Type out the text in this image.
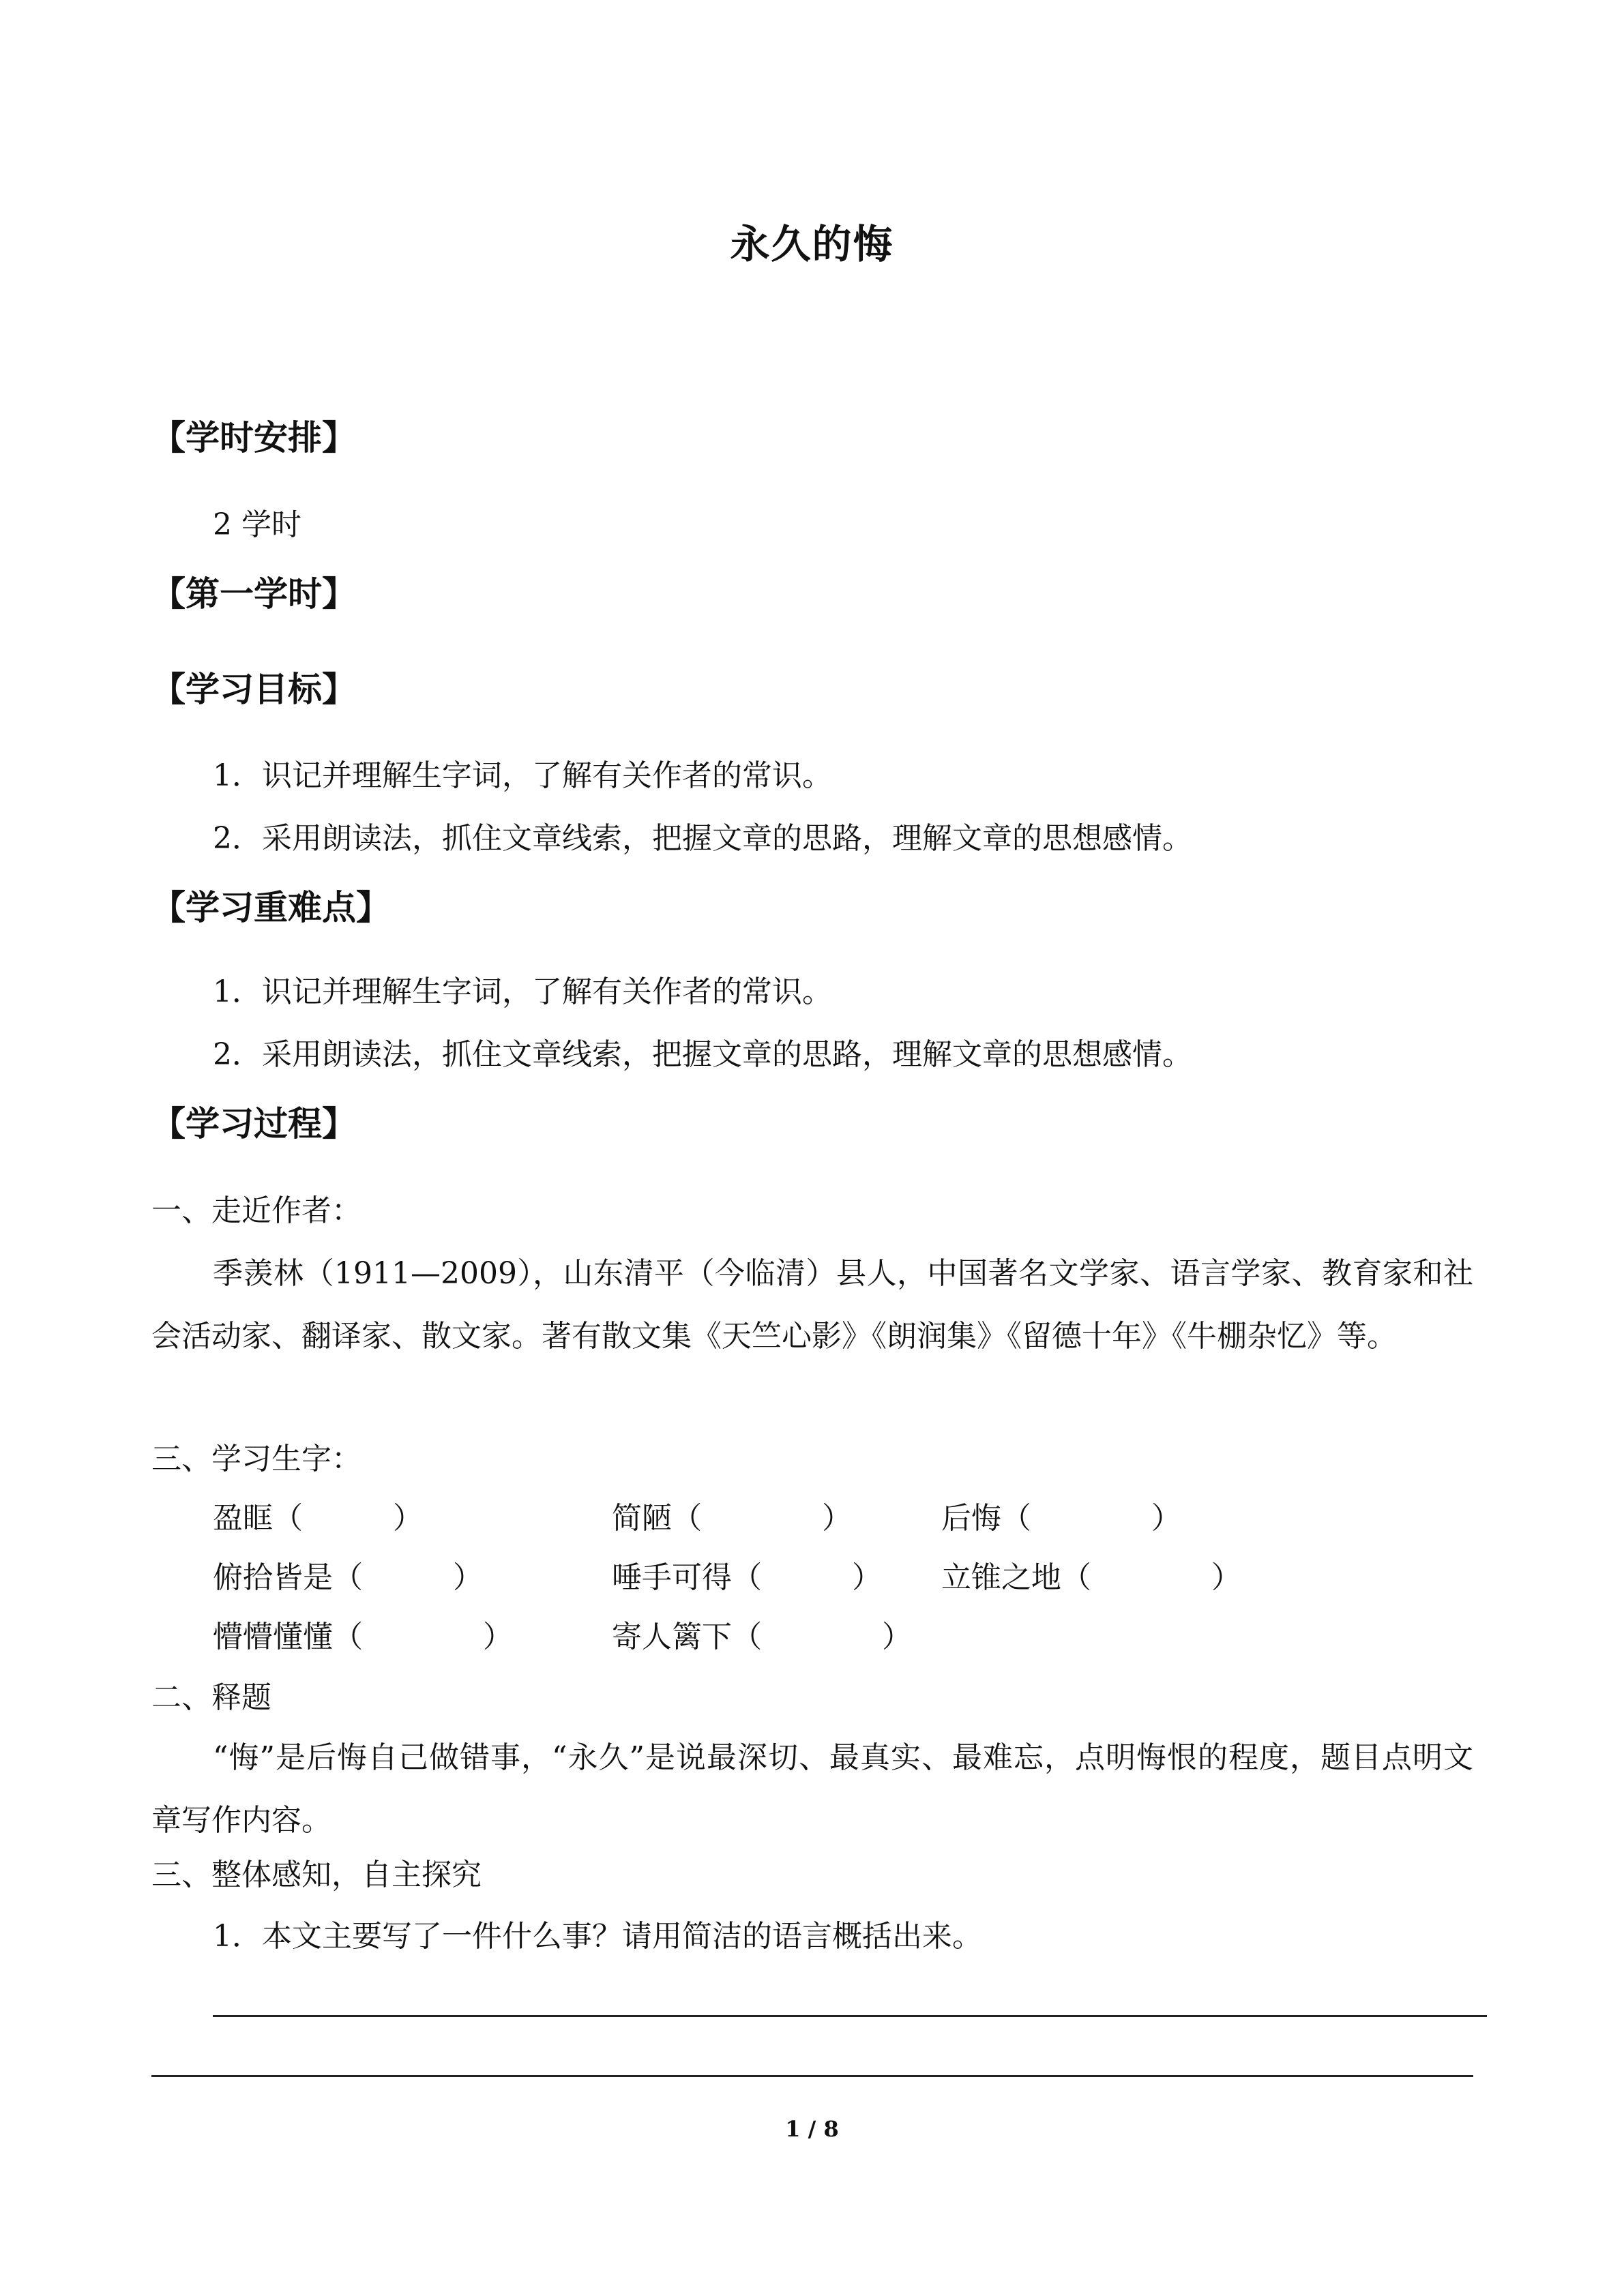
永久的悔
【学时安排】
2 学时
【第一学时】
【学习目标】
1．识记并理解生字词，了解有关作者的常识。
2．采用朗读法，抓住文章线索，把握文章的思路，理解文章的思想感情。
【学习重难点】
1．识记并理解生字词，了解有关作者的常识。
2．采用朗读法，抓住文章线索，把握文章的思路，理解文章的思想感情。
【学习过程】
一、走近作者：
季羡林（1911—2009），山东清平（今临清）县人，中国著名文学家、语言学家、教育家和社会活动家、翻译家、散文家。著有散文集《天竺心影》《朗润集》《留德十年》《牛棚杂忆》等。
三、学习生字：
盈眶（　　　）	简陋（　　　　）	后悔（　　　　）
俯拾皆是（　　　）	唾手可得（　　　） 立锥之地（　　　　）
懵懵懂懂（　　　　）	寄人篱下（　　　　）
二、释题
“悔”是后悔自己做错事，“永久”是说最深切、最真实、最难忘，点明悔恨的程度，题目点明文章写作内容。
三、整体感知，自主探究
1．本文主要写了一件什么事？请用简洁的语言概括出来。
1 / 8
